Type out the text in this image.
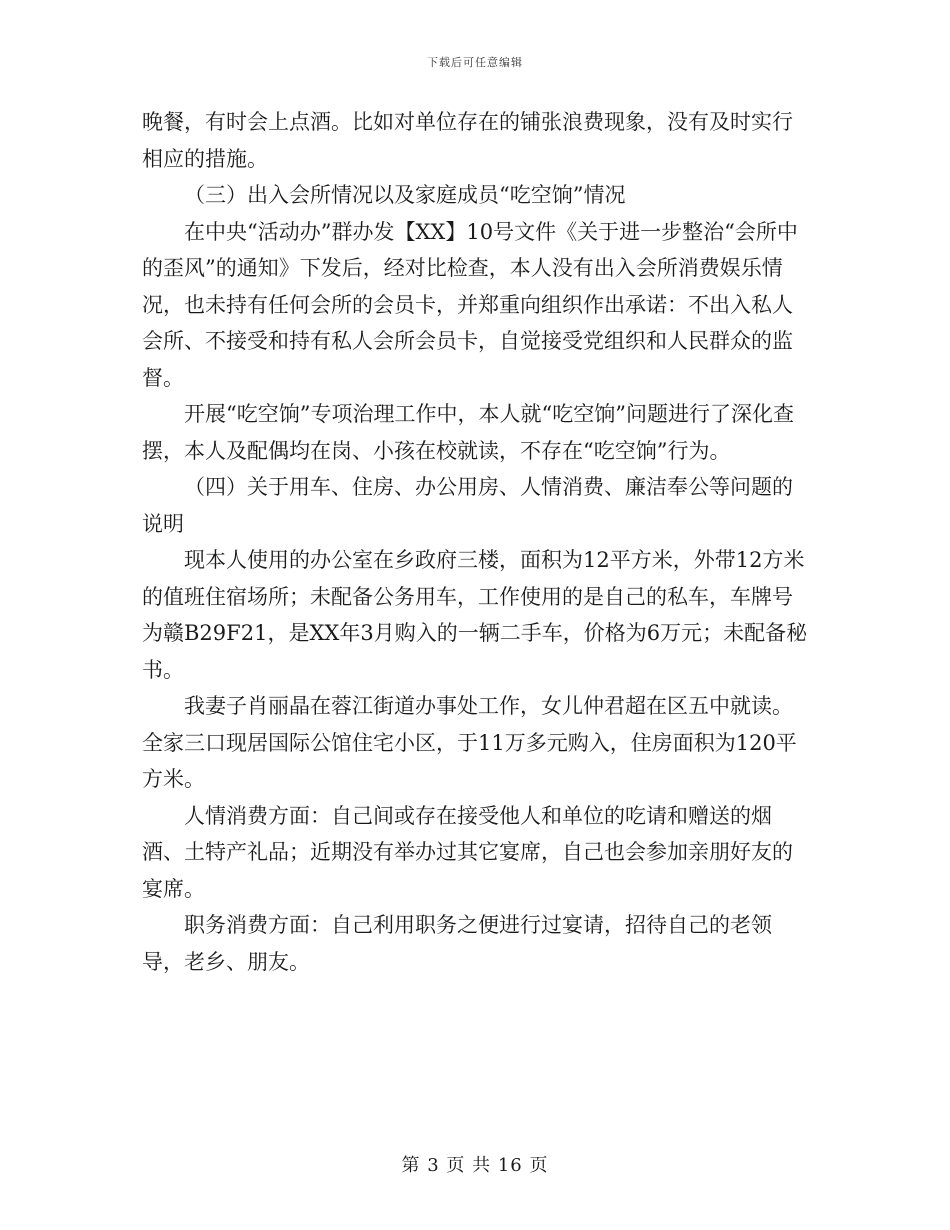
下载后可任意编辑

晚餐，有时会上点酒。比如对单位存在的铺张浪费现象，没有及时实行相应的措施。

（三）出入会所情况以及家庭成员“吃空饷”情况

在中央“活动办”群办发【XX】10号文件《关于进一步整治“会所中的歪风”的通知》下发后，经对比检查，本人没有出入会所消费娱乐情况，也未持有任何会所的会员卡，并郑重向组织作出承诺：不出入私人会所、不接受和持有私人会所会员卡，自觉接受党组织和人民群众的监督。

开展“吃空饷”专项治理工作中，本人就“吃空饷”问题进行了深化查摆，本人及配偶均在岗、小孩在校就读，不存在“吃空饷”行为。

（四）关于用车、住房、办公用房、人情消费、廉洁奉公等问题的说明

现本人使用的办公室在乡政府三楼，面积为12平方米，外带12方米的值班住宿场所；未配备公务用车，工作使用的是自己的私车，车牌号为赣B29F21，是XX年3月购入的一辆二手车，价格为6万元；未配备秘书。

我妻子肖丽晶在蓉江街道办事处工作，女儿仲君超在区五中就读。全家三口现居国际公馆住宅小区，于11万多元购入，住房面积为120平方米。

人情消费方面：自己间或存在接受他人和单位的吃请和赠送的烟酒、土特产礼品；近期没有举办过其它宴席，自己也会参加亲朋好友的宴席。

职务消费方面：自己利用职务之便进行过宴请，招待自己的老领导，老乡、朋友。

第 3 页 共 16 页
